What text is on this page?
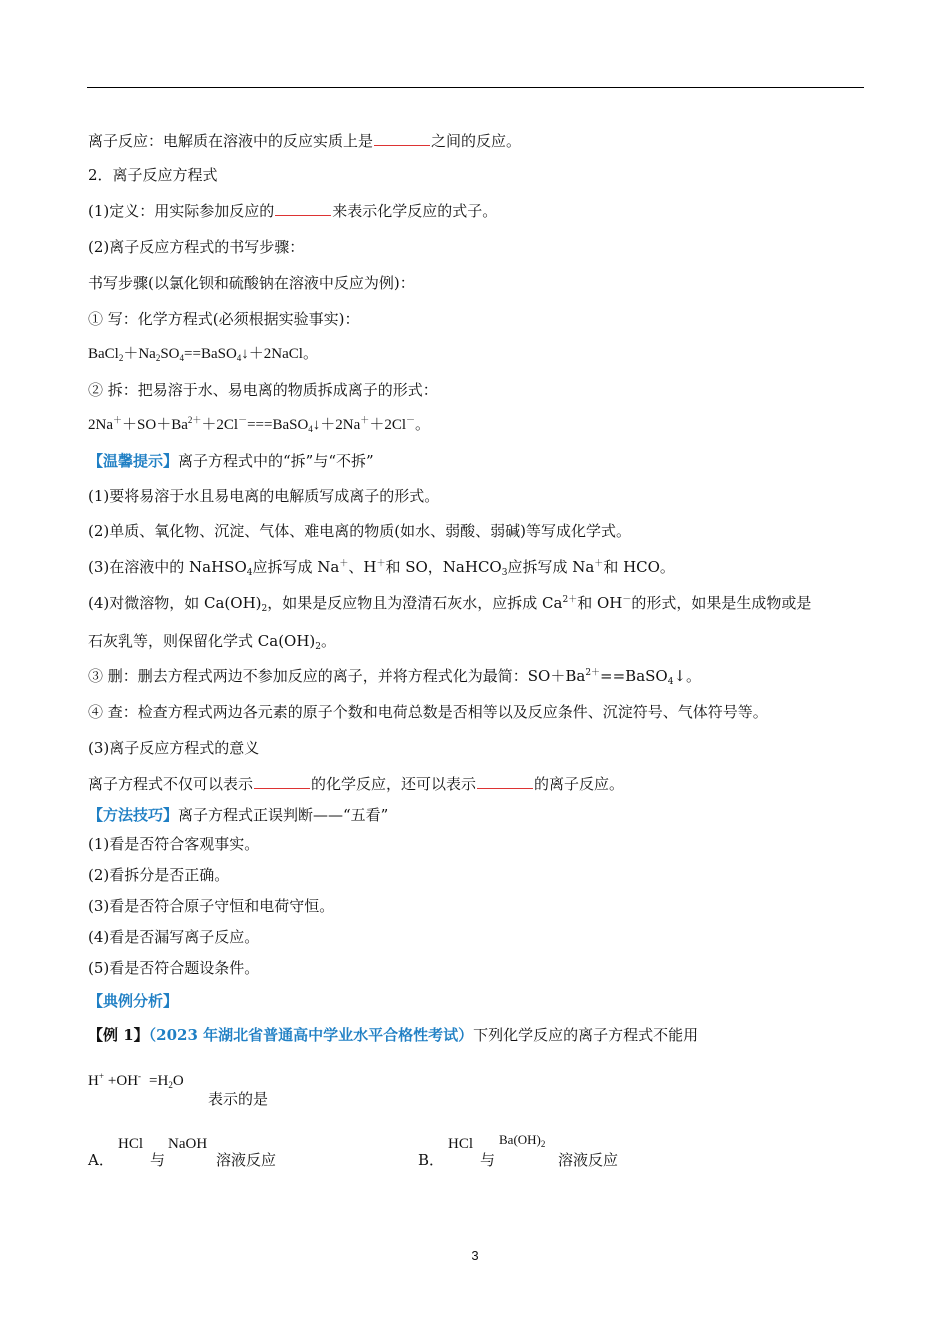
离子反应：电解质在溶液中的反应实质上是	之间的反应。
2．离子反应方程式
(1)定义：用实际参加反应的	来表示化学反应的式子。
(2)离子反应方程式的书写步骤：
书写步骤(以氯化钡和硫酸钠在溶液中反应为例)：
① 写：化学方程式(必须根据实验事实)：
$BaCl_2+Na_2SO_4==BaSO_4↓+2NaCl$。
② 拆：把易溶于水、易电离的物质拆成离子的形式：
$2Na^++SO+Ba^{2+}+2Cl^-===BaSO_4↓+2Na^++2Cl^-$。
【温馨提示】离子方程式中的“拆”与“不拆”
(1)要将易溶于水且易电离的电解质写成离子的形式。
(2)单质、氧化物、沉淀、气体、难电离的物质(如水、弱酸、弱碱)等写成化学式。
(3)在溶液中的 NaHSO$_4$应拆写成 Na＋、H＋和 SO，NaHCO$_3$应拆写成 Na＋和 HCO。
(4)对微溶物，如 $Ca(OH)_2$，如果是反应物且为澄清石灰水，应拆成 $Ca^{2+}$和 OH－的形式，如果是生成物或是
石灰乳等，则保留化学式 $Ca(OH)_2$。
③ 删：删去方程式两边不参加反应的离子，并将方程式化为最简：$SO+Ba^{2+}==BaSO_4↓$。
④ 查：检查方程式两边各元素的原子个数和电荷总数是否相等以及反应条件、沉淀符号、气体符号等。
(3)离子反应方程式的意义
离子方程式不仅可以表示	的化学反应，还可以表示	的离子反应。
【方法技巧】离子方程式正误判断——“五看”
(1)看是否符合客观事实。
(2)看拆分是否正确。
(3)看是否符合原子守恒和电荷守恒。
(4)看是否漏写离子反应。
(5)看是否符合题设条件。
【典例分析】
【例 1】（2023 年湖北省普通高中学业水平合格性考试）下列化学反应的离子方程式不能用
$H^+ +OH^- =H_2O$
表示的是
A．
HCl
与
NaOH
溶液反应	B．
HCl
与
$Ba(OH)_2$
溶液反应
3
